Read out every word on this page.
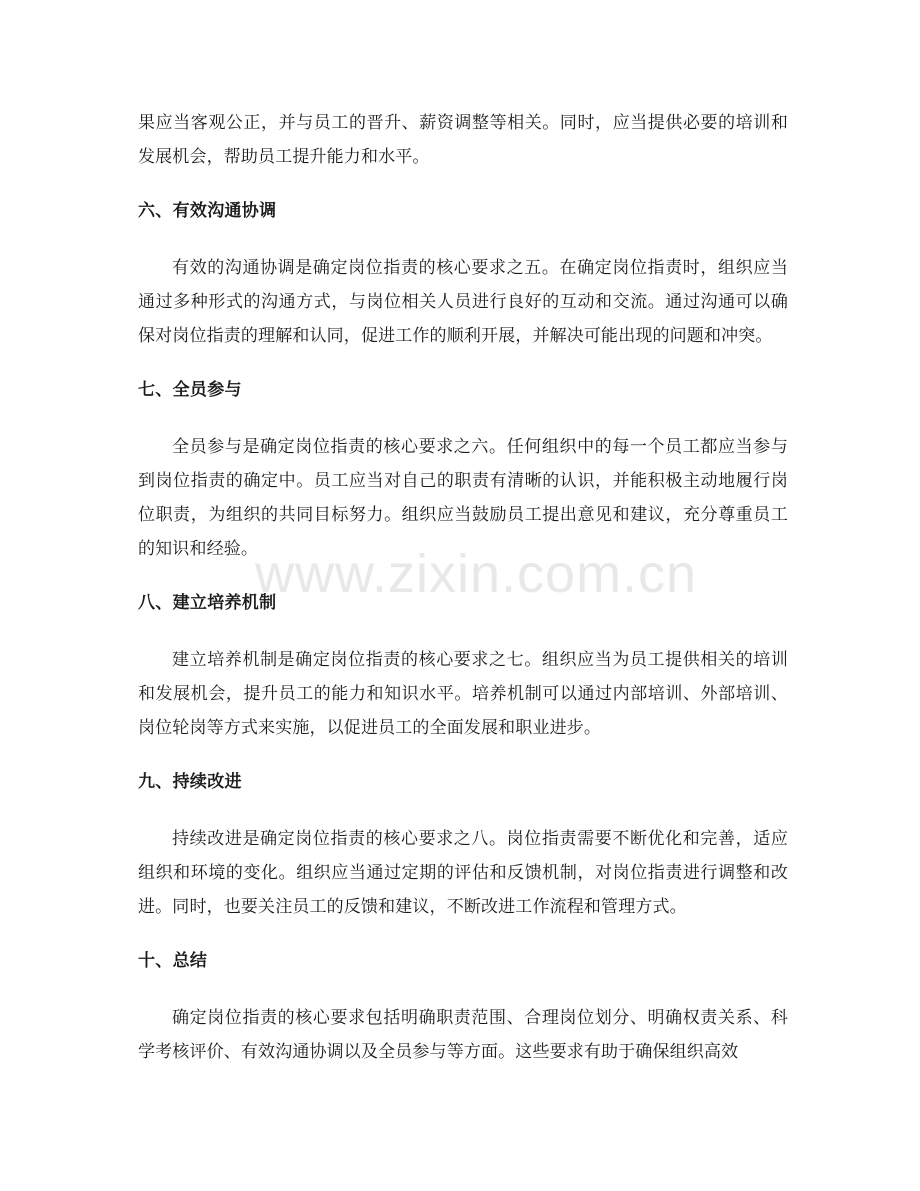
果应当客观公正，并与员工的晋升、薪资调整等相关。同时，应当提供必要的培训和发展机会，帮助员工提升能力和水平。

六、有效沟通协调

有效的沟通协调是确定岗位指责的核心要求之五。在确定岗位指责时，组织应当通过多种形式的沟通方式，与岗位相关人员进行良好的互动和交流。通过沟通可以确保对岗位指责的理解和认同，促进工作的顺利开展，并解决可能出现的问题和冲突。

七、全员参与

全员参与是确定岗位指责的核心要求之六。任何组织中的每一个员工都应当参与到岗位指责的确定中。员工应当对自己的职责有清晰的认识，并能积极主动地履行岗位职责，为组织的共同目标努力。组织应当鼓励员工提出意见和建议，充分尊重员工的知识和经验。

八、建立培养机制

建立培养机制是确定岗位指责的核心要求之七。组织应当为员工提供相关的培训和发展机会，提升员工的能力和知识水平。培养机制可以通过内部培训、外部培训、岗位轮岗等方式来实施，以促进员工的全面发展和职业进步。

九、持续改进

持续改进是确定岗位指责的核心要求之八。岗位指责需要不断优化和完善，适应组织和环境的变化。组织应当通过定期的评估和反馈机制，对岗位指责进行调整和改进。同时，也要关注员工的反馈和建议，不断改进工作流程和管理方式。

十、总结

确定岗位指责的核心要求包括明确职责范围、合理岗位划分、明确权责关系、科学考核评价、有效沟通协调以及全员参与等方面。这些要求有助于确保组织高效

www.zixin.com.cn
